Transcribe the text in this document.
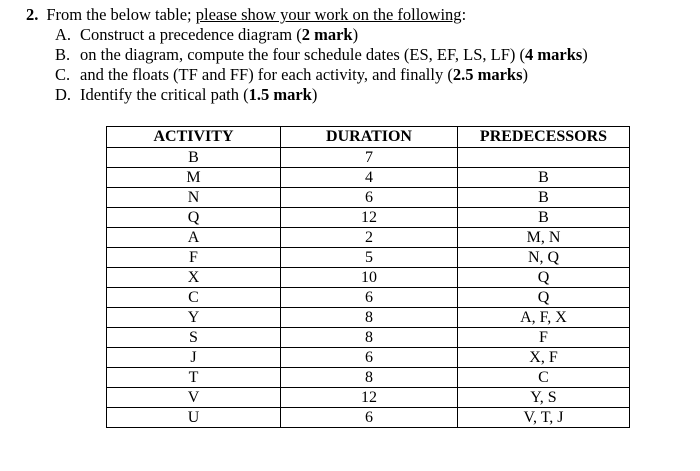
2. From the below table; please show your work on the following:
A. Construct a precedence diagram (2 mark)
B. on the diagram, compute the four schedule dates (ES, EF, LS, LF) (4 marks)
C. and the floats (TF and FF) for each activity, and finally (2.5 marks)
D. Identify the critical path (1.5 mark)
ACTIVITY	DURATION	PREDECESSORS
B	7	
M	4	B
N	6	B
Q	12	B
A	2	M, N
F	5	N, Q
X	10	Q
C	6	Q
Y	8	A, F, X
S	8	F
J	6	X, F
T	8	C
V	12	Y, S
U	6	V, T, J
